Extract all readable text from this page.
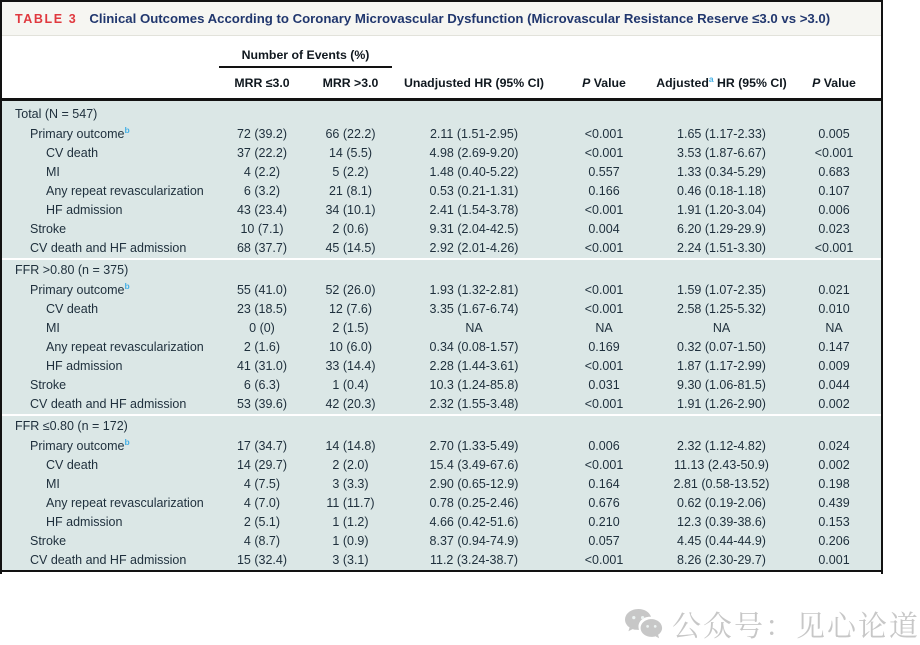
TABLE 3 Clinical Outcomes According to Coronary Microvascular Dysfunction (Microvascular Resistance Reserve ≤3.0 vs >3.0)
Number of Events (%)
MRR ≤3.0	MRR >3.0	Unadjusted HR (95% CI)	P Value	Adjusted$^a$ HR (95% CI)	P Value
Total (N = 547)
Primary outcome$^b$	72 (39.2)	66 (22.2)	2.11 (1.51-2.95)	<0.001	1.65 (1.17-2.33)	0.005
CV death	37 (22.2)	14 (5.5)	4.98 (2.69-9.20)	<0.001	3.53 (1.87-6.67)	<0.001
MI	4 (2.2)	5 (2.2)	1.48 (0.40-5.22)	0.557	1.33 (0.34-5.29)	0.683
Any repeat revascularization	6 (3.2)	21 (8.1)	0.53 (0.21-1.31)	0.166	0.46 (0.18-1.18)	0.107
HF admission	43 (23.4)	34 (10.1)	2.41 (1.54-3.78)	<0.001	1.91 (1.20-3.04)	0.006
Stroke	10 (7.1)	2 (0.6)	9.31 (2.04-42.5)	0.004	6.20 (1.29-29.9)	0.023
CV death and HF admission	68 (37.7)	45 (14.5)	2.92 (2.01-4.26)	<0.001	2.24 (1.51-3.30)	<0.001
FFR >0.80 (n = 375)
Primary outcome$^b$	55 (41.0)	52 (26.0)	1.93 (1.32-2.81)	<0.001	1.59 (1.07-2.35)	0.021
CV death	23 (18.5)	12 (7.6)	3.35 (1.67-6.74)	<0.001	2.58 (1.25-5.32)	0.010
MI	0 (0)	2 (1.5)	NA	NA	NA	NA
Any repeat revascularization	2 (1.6)	10 (6.0)	0.34 (0.08-1.57)	0.169	0.32 (0.07-1.50)	0.147
HF admission	41 (31.0)	33 (14.4)	2.28 (1.44-3.61)	<0.001	1.87 (1.17-2.99)	0.009
Stroke	6 (6.3)	1 (0.4)	10.3 (1.24-85.8)	0.031	9.30 (1.06-81.5)	0.044
CV death and HF admission	53 (39.6)	42 (20.3)	2.32 (1.55-3.48)	<0.001	1.91 (1.26-2.90)	0.002
FFR ≤0.80 (n = 172)
Primary outcome$^b$	17 (34.7)	14 (14.8)	2.70 (1.33-5.49)	0.006	2.32 (1.12-4.82)	0.024
CV death	14 (29.7)	2 (2.0)	15.4 (3.49-67.6)	<0.001	11.13 (2.43-50.9)	0.002
MI	4 (7.5)	3 (3.3)	2.90 (0.65-12.9)	0.164	2.81 (0.58-13.52)	0.198
Any repeat revascularization	4 (7.0)	11 (11.7)	0.78 (0.25-2.46)	0.676	0.62 (0.19-2.06)	0.439
HF admission	2 (5.1)	1 (1.2)	4.66 (0.42-51.6)	0.210	12.3 (0.39-38.6)	0.153
Stroke	4 (8.7)	1 (0.9)	8.37 (0.94-74.9)	0.057	4.45 (0.44-44.9)	0.206
CV death and HF admission	15 (32.4)	3 (3.1)	11.2 (3.24-38.7)	<0.001	8.26 (2.30-29.7)	0.001
公众号：见心论道
